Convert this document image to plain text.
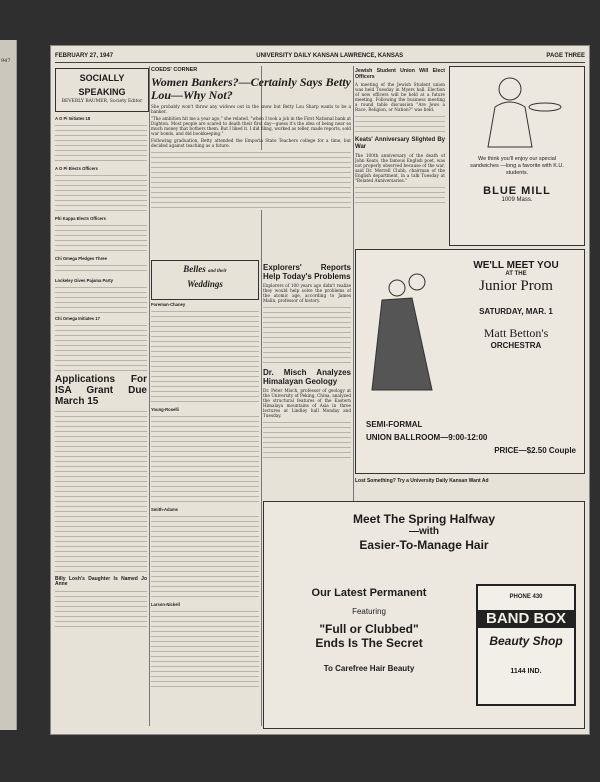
947
FEBRUARY 27, 1947	UNIVERSITY DAILY KANSAN LAWRENCE, KANSAS	PAGE THREE
SOCIALLY
SPEAKING
BEVERLY BAUMER, Society Editor
A O Pi Initiates 18
A O Pi Elects Officers
Phi Kappa Elects Officers
Chi Omega Pledges Three
Lockeley Gives Pajama Party
Chi Omega Initiates 17
Applications For ISA Grant Due March 15
Billy Losh's Daughter Is Named Jo Anne
COEDS' CORNER
Women Bankers?—Certainly Says Betty Lou—Why Not?
She probably won't throw any widows out in the snow but Betty Lou Sharp wants to be a banker.
"The ambition hit me a year ago," she related, "when I took a job in the First National bank at Dighton. Most people are scared to death their first day—guess it's the idea of being near so much money that bothers them. But I liked it. I did filing, worked as teller, made reports, sold war bonds, and did bookkeeping."
Following graduation, Betty attended the Emporia State Teachers college for a time, but decided against teaching as a future.
Belles and their
Weddings
Foreman-Chaney
Young-Roselli
Smith-Adams
Larson-Nickell
Explorers' Reports Help Today's Problems
Explorers of 100 years ago didn't realize they would help solve the problems of the atomic age, according to James Malin, professor of history.
Dr. Misch Analyzes Himalayan Geology
Dr. Peter Misch, professor of geology at the University of Peking, China, analyzed the structural features of the Eastern Himalaya mountains of Asia in three lectures at Lindley hall Monday and Tuesday.
Jewish Student Union Will Elect Officers
A meeting of the Jewish Student union was held Tuesday in Myers hall. Election of new officers will be held at a future meeting. Following the business meeting a round table discussion "Are Jews a Race, Religion, or Nation?" was held.
Keats' Anniversary Slighted By War
The 100th anniversary of the death of John Keats, the famous English poet, was not properly observed because of the war, said Dr. Merrell Clubb, chairman of the English department, in a talk Tuesday at "Belated Anniversaries."
We think you'll enjoy our special sandwiches —long a favorite with K.U. students.
BLUE MILL
1009 Mass.
WE'LL MEET YOU
AT THE
Junior Prom
SATURDAY, MAR. 1
Matt Betton's
ORCHESTRA
SEMI-FORMAL
UNION BALLROOM—9:00-12:00
PRICE—$2.50 Couple
Lost Something? Try a University Daily Kansan Want Ad
Meet The Spring Halfway
—with
Easier-To-Manage Hair
Our Latest Permanent
Featuring
"Full or Clubbed"
Ends Is The Secret
To Carefree Hair Beauty
PHONE 430
BAND BOX
Beauty Shop
1144 IND.
